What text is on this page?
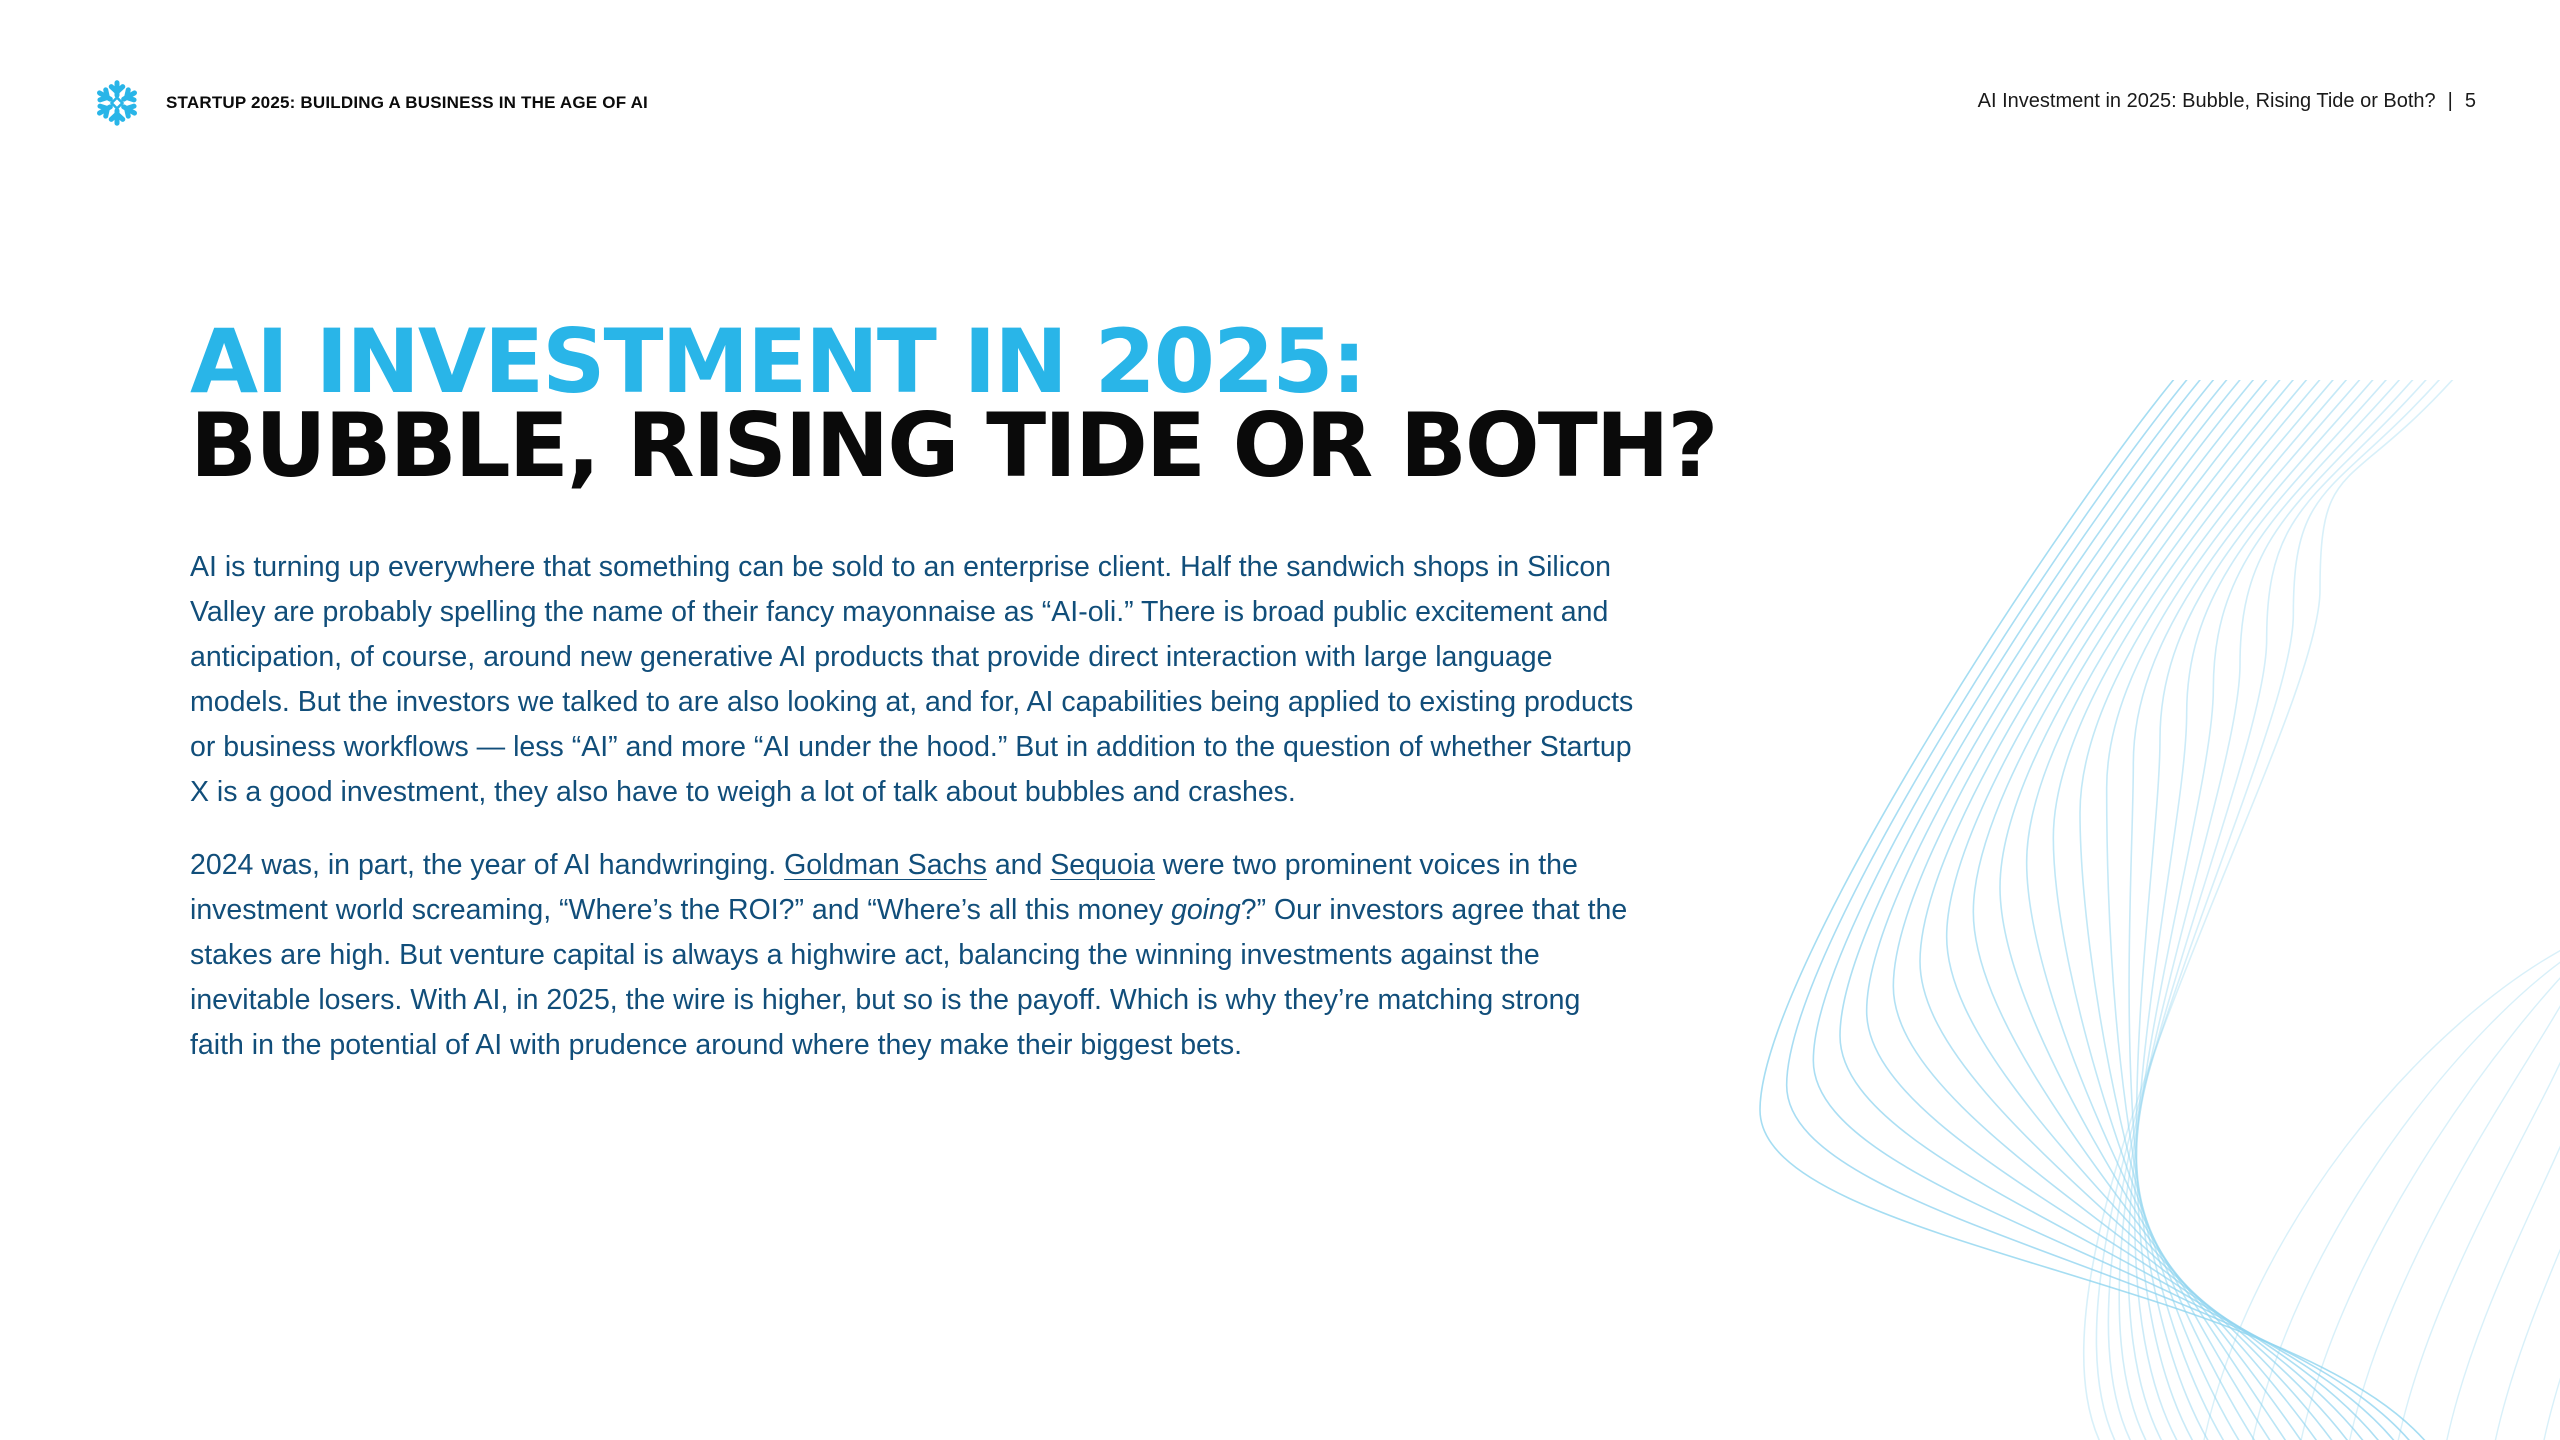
STARTUP 2025: BUILDING A BUSINESS IN THE AGE OF AI	AI Investment in 2025: Bubble, Rising Tide or Both? | 5
AI INVESTMENT IN 2025:
BUBBLE, RISING TIDE OR BOTH?

AI is turning up everywhere that something can be sold to an enterprise client. Half the sandwich shops in Silicon Valley are probably spelling the name of their fancy mayonnaise as “AI-oli.” There is broad public excitement and anticipation, of course, around new generative AI products that provide direct interaction with large language models. But the investors we talked to are also looking at, and for, AI capabilities being applied to existing products or business workflows — less “AI” and more “AI under the hood.” But in addition to the question of whether Startup X is a good investment, they also have to weigh a lot of talk about bubbles and crashes.

2024 was, in part, the year of AI handwringing. Goldman Sachs and Sequoia were two prominent voices in the investment world screaming, “Where’s the ROI?” and “Where’s all this money going?” Our investors agree that the stakes are high. But venture capital is always a highwire act, balancing the winning investments against the inevitable losers. With AI, in 2025, the wire is higher, but so is the payoff. Which is why they’re matching strong faith in the potential of AI with prudence around where they make their biggest bets.
